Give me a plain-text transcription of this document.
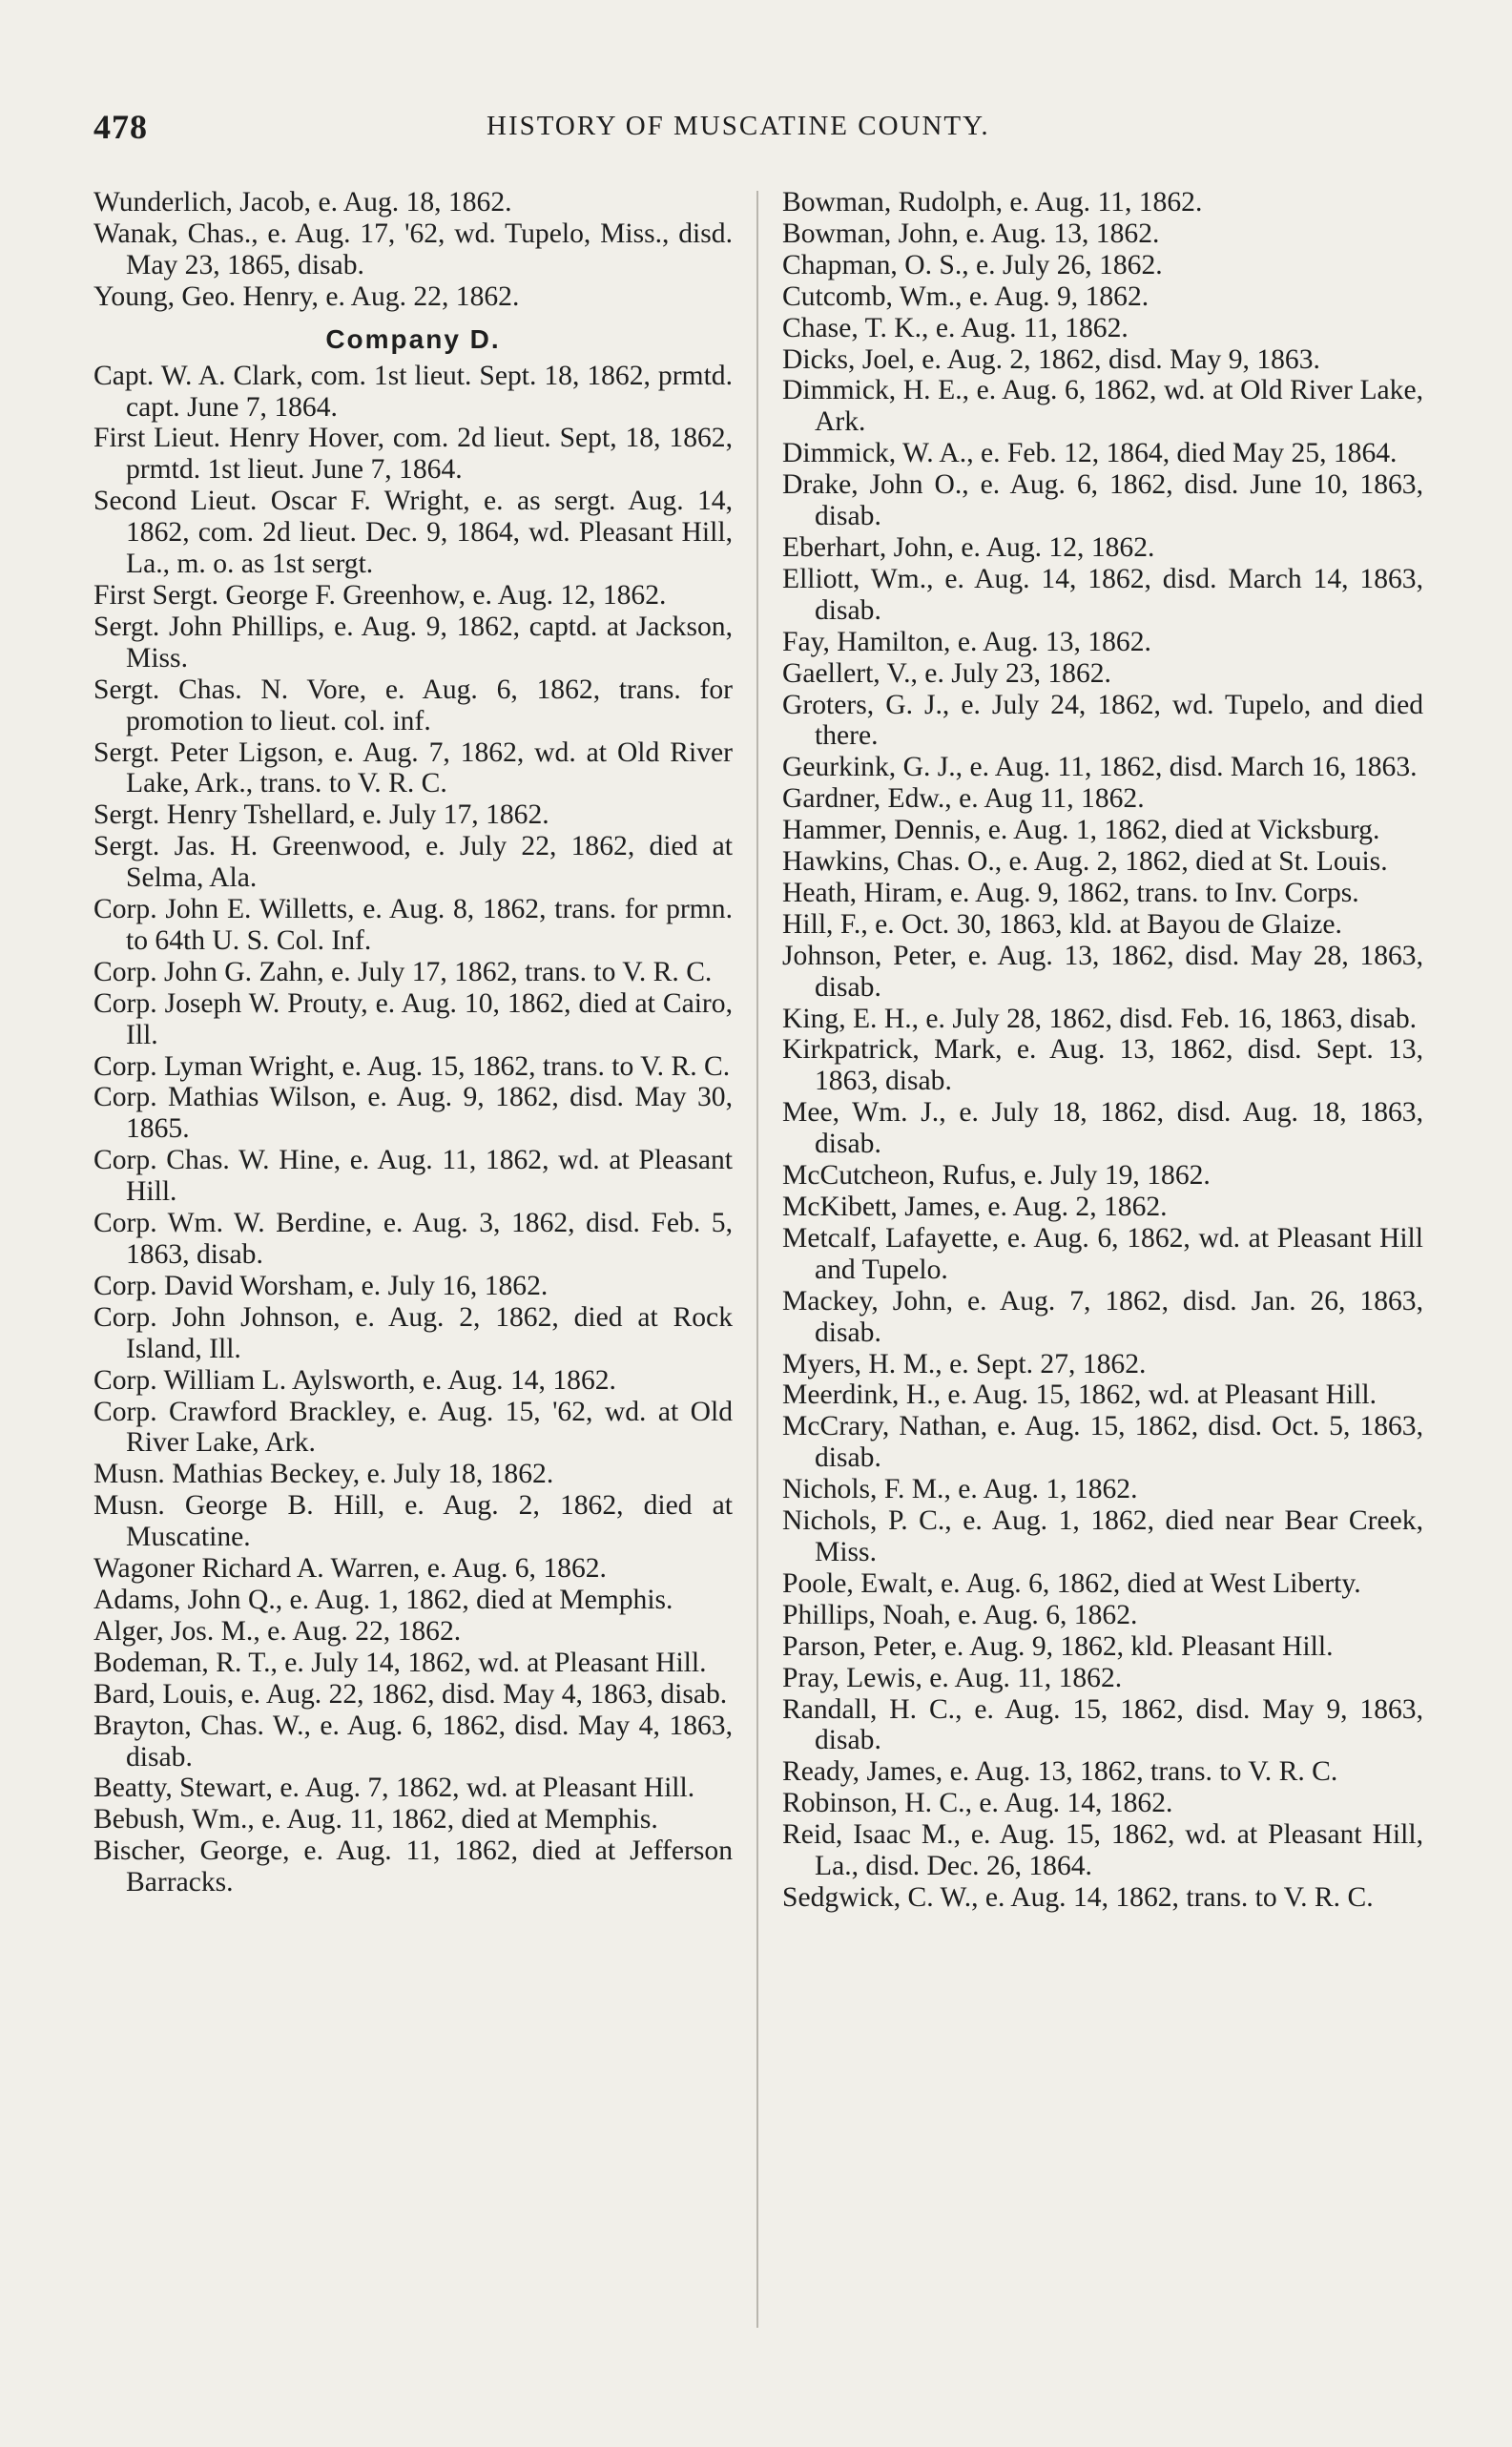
478	HISTORY OF MUSCATINE COUNTY.

Wunderlich, Jacob, e. Aug. 18, 1862.

Wanak, Chas., e. Aug. 17, '62, wd. Tupelo, Miss., disd. May 23, 1865, disab.

Young, Geo. Henry, e. Aug. 22, 1862.

Company D.

Capt. W. A. Clark, com. 1st lieut. Sept. 18, 1862, prmtd. capt. June 7, 1864.

First Lieut. Henry Hover, com. 2d lieut. Sept, 18, 1862, prmtd. 1st lieut. June 7, 1864.

Second Lieut. Oscar F. Wright, e. as sergt. Aug. 14, 1862, com. 2d lieut. Dec. 9, 1864, wd. Pleasant Hill, La., m. o. as 1st sergt.

First Sergt. George F. Greenhow, e. Aug. 12, 1862.

Sergt. John Phillips, e. Aug. 9, 1862, captd. at Jackson, Miss.

Sergt. Chas. N. Vore, e. Aug. 6, 1862, trans. for promotion to lieut. col. inf.

Sergt. Peter Ligson, e. Aug. 7, 1862, wd. at Old River Lake, Ark., trans. to V. R. C.

Sergt. Henry Tshellard, e. July 17, 1862.

Sergt. Jas. H. Greenwood, e. July 22, 1862, died at Selma, Ala.

Corp. John E. Willetts, e. Aug. 8, 1862, trans. for prmn. to 64th U. S. Col. Inf.

Corp. John G. Zahn, e. July 17, 1862, trans. to V. R. C.

Corp. Joseph W. Prouty, e. Aug. 10, 1862, died at Cairo, Ill.

Corp. Lyman Wright, e. Aug. 15, 1862, trans. to V. R. C.

Corp. Mathias Wilson, e. Aug. 9, 1862, disd. May 30, 1865.

Corp. Chas. W. Hine, e. Aug. 11, 1862, wd. at Pleasant Hill.

Corp. Wm. W. Berdine, e. Aug. 3, 1862, disd. Feb. 5, 1863, disab.

Corp. David Worsham, e. July 16, 1862.

Corp. John Johnson, e. Aug. 2, 1862, died at Rock Island, Ill.

Corp. William L. Aylsworth, e. Aug. 14, 1862.

Corp. Crawford Brackley, e. Aug. 15, '62, wd. at Old River Lake, Ark.

Musn. Mathias Beckey, e. July 18, 1862.

Musn. George B. Hill, e. Aug. 2, 1862, died at Muscatine.

Wagoner Richard A. Warren, e. Aug. 6, 1862.

Adams, John Q., e. Aug. 1, 1862, died at Memphis.

Alger, Jos. M., e. Aug. 22, 1862.

Bodeman, R. T., e. July 14, 1862, wd. at Pleasant Hill.

Bard, Louis, e. Aug. 22, 1862, disd. May 4, 1863, disab.

Brayton, Chas. W., e. Aug. 6, 1862, disd. May 4, 1863, disab.

Beatty, Stewart, e. Aug. 7, 1862, wd. at Pleasant Hill.

Bebush, Wm., e. Aug. 11, 1862, died at Memphis.

Bischer, George, e. Aug. 11, 1862, died at Jefferson Barracks.

Bowman, Rudolph, e. Aug. 11, 1862.

Bowman, John, e. Aug. 13, 1862.

Chapman, O. S., e. July 26, 1862.

Cutcomb, Wm., e. Aug. 9, 1862.

Chase, T. K., e. Aug. 11, 1862.

Dicks, Joel, e. Aug. 2, 1862, disd. May 9, 1863.

Dimmick, H. E., e. Aug. 6, 1862, wd. at Old River Lake, Ark.

Dimmick, W. A., e. Feb. 12, 1864, died May 25, 1864.

Drake, John O., e. Aug. 6, 1862, disd. June 10, 1863, disab.

Eberhart, John, e. Aug. 12, 1862.

Elliott, Wm., e. Aug. 14, 1862, disd. March 14, 1863, disab.

Fay, Hamilton, e. Aug. 13, 1862.

Gaellert, V., e. July 23, 1862.

Groters, G. J., e. July 24, 1862, wd. Tupelo, and died there.

Geurkink, G. J., e. Aug. 11, 1862, disd. March 16, 1863.

Gardner, Edw., e. Aug 11, 1862.

Hammer, Dennis, e. Aug. 1, 1862, died at Vicksburg.

Hawkins, Chas. O., e. Aug. 2, 1862, died at St. Louis.

Heath, Hiram, e. Aug. 9, 1862, trans. to Inv. Corps.

Hill, F., e. Oct. 30, 1863, kld. at Bayou de Glaize.

Johnson, Peter, e. Aug. 13, 1862, disd. May 28, 1863, disab.

King, E. H., e. July 28, 1862, disd. Feb. 16, 1863, disab.

Kirkpatrick, Mark, e. Aug. 13, 1862, disd. Sept. 13, 1863, disab.

Mee, Wm. J., e. July 18, 1862, disd. Aug. 18, 1863, disab.

McCutcheon, Rufus, e. July 19, 1862.

McKibett, James, e. Aug. 2, 1862.

Metcalf, Lafayette, e. Aug. 6, 1862, wd. at Pleasant Hill and Tupelo.

Mackey, John, e. Aug. 7, 1862, disd. Jan. 26, 1863, disab.

Myers, H. M., e. Sept. 27, 1862.

Meerdink, H., e. Aug. 15, 1862, wd. at Pleasant Hill.

McCrary, Nathan, e. Aug. 15, 1862, disd. Oct. 5, 1863, disab.

Nichols, F. M., e. Aug. 1, 1862.

Nichols, P. C., e. Aug. 1, 1862, died near Bear Creek, Miss.

Poole, Ewalt, e. Aug. 6, 1862, died at West Liberty.

Phillips, Noah, e. Aug. 6, 1862.

Parson, Peter, e. Aug. 9, 1862, kld. Pleasant Hill.

Pray, Lewis, e. Aug. 11, 1862.

Randall, H. C., e. Aug. 15, 1862, disd. May 9, 1863, disab.

Ready, James, e. Aug. 13, 1862, trans. to V. R. C.

Robinson, H. C., e. Aug. 14, 1862.

Reid, Isaac M., e. Aug. 15, 1862, wd. at Pleasant Hill, La., disd. Dec. 26, 1864.

Sedgwick, C. W., e. Aug. 14, 1862, trans. to V. R. C.
